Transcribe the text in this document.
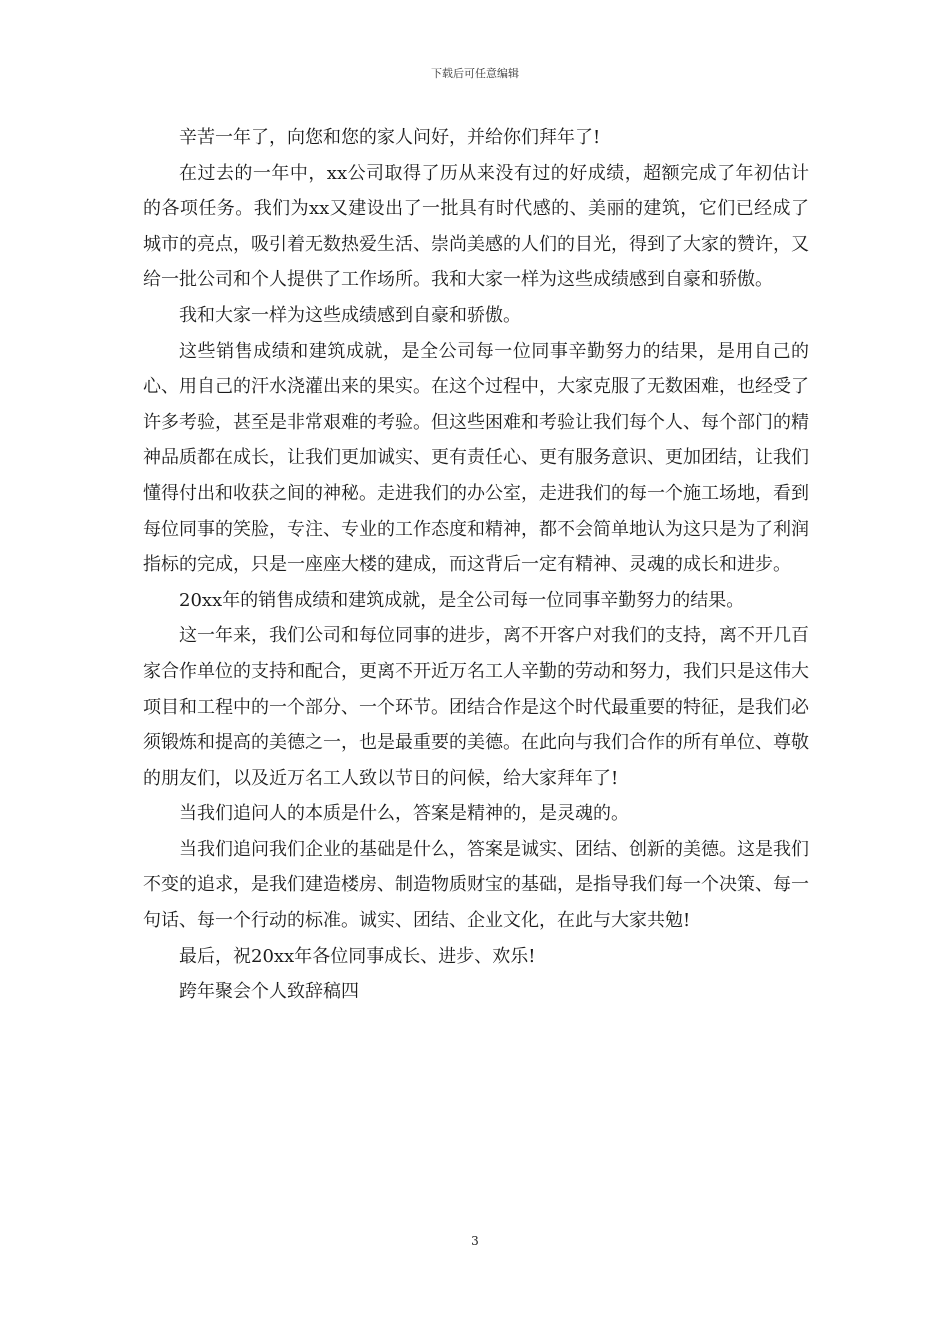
下载后可任意编辑

辛苦一年了，向您和您的家人问好，并给你们拜年了!

在过去的一年中，xx公司取得了历从来没有过的好成绩，超额完成了年初估计的各项任务。我们为xx又建设出了一批具有时代感的、美丽的建筑，它们已经成了城市的亮点，吸引着无数热爱生活、崇尚美感的人们的目光，得到了大家的赞许，又给一批公司和个人提供了工作场所。我和大家一样为这些成绩感到自豪和骄傲。

我和大家一样为这些成绩感到自豪和骄傲。

这些销售成绩和建筑成就，是全公司每一位同事辛勤努力的结果，是用自己的心、用自己的汗水浇灌出来的果实。在这个过程中，大家克服了无数困难，也经受了许多考验，甚至是非常艰难的考验。但这些困难和考验让我们每个人、每个部门的精神品质都在成长，让我们更加诚实、更有责任心、更有服务意识、更加团结，让我们懂得付出和收获之间的神秘。走进我们的办公室，走进我们的每一个施工场地，看到每位同事的笑脸，专注、专业的工作态度和精神，都不会简单地认为这只是为了利润指标的完成，只是一座座大楼的建成，而这背后一定有精神、灵魂的成长和进步。

20xx年的销售成绩和建筑成就，是全公司每一位同事辛勤努力的结果。

这一年来，我们公司和每位同事的进步，离不开客户对我们的支持，离不开几百家合作单位的支持和配合，更离不开近万名工人辛勤的劳动和努力，我们只是这伟大项目和工程中的一个部分、一个环节。团结合作是这个时代最重要的特征，是我们必须锻炼和提高的美德之一，也是最重要的美德。在此向与我们合作的所有单位、尊敬的朋友们，以及近万名工人致以节日的问候，给大家拜年了!

当我们追问人的本质是什么，答案是精神的，是灵魂的。

当我们追问我们企业的基础是什么，答案是诚实、团结、创新的美德。这是我们不变的追求，是我们建造楼房、制造物质财宝的基础，是指导我们每一个决策、每一句话、每一个行动的标准。诚实、团结、企业文化，在此与大家共勉!

最后，祝20xx年各位同事成长、进步、欢乐!

跨年聚会个人致辞稿四

3
